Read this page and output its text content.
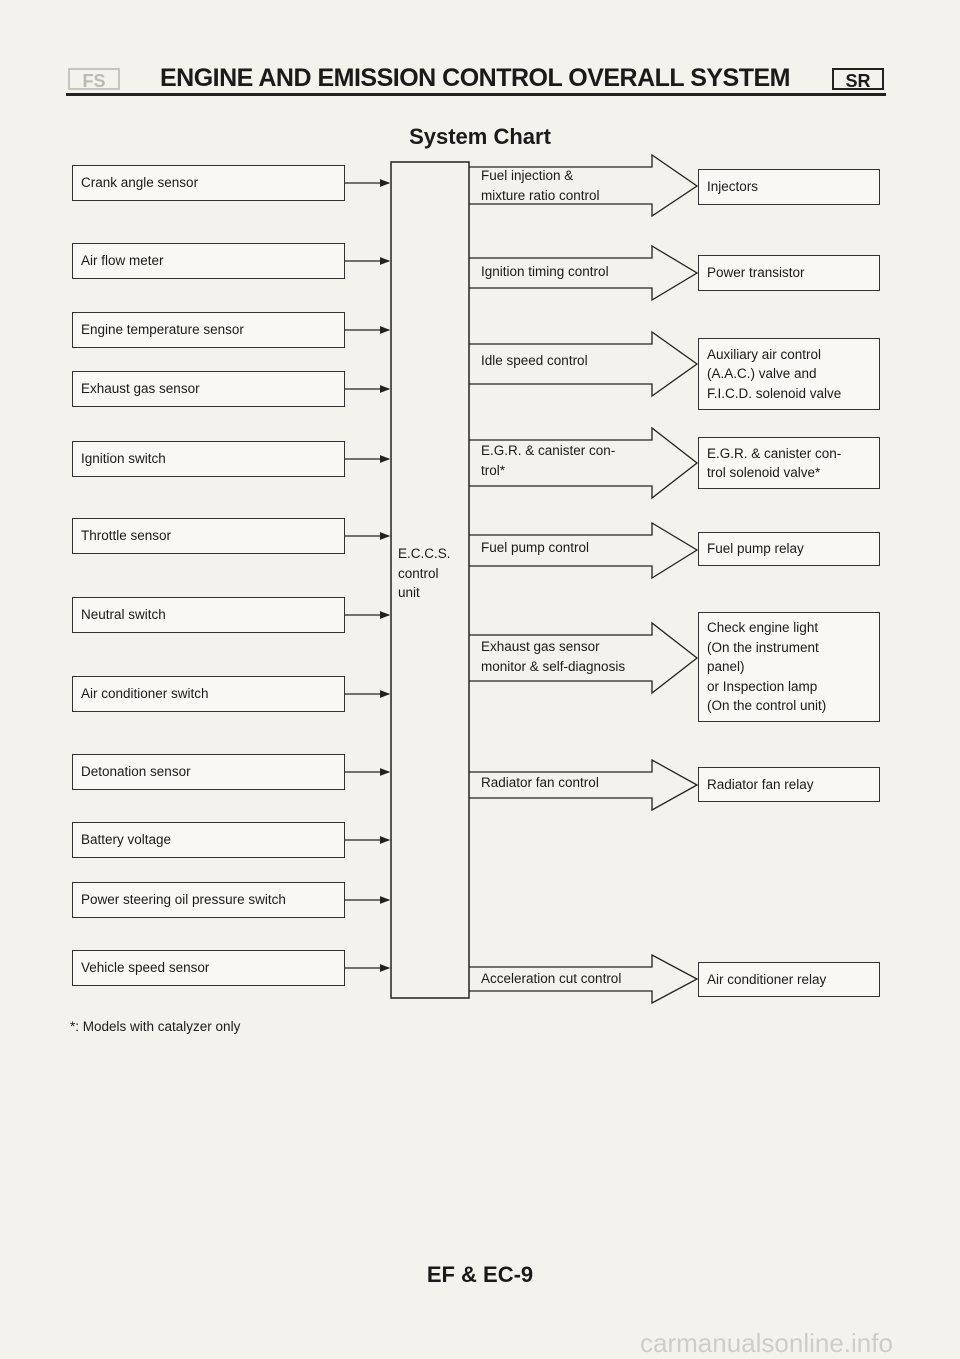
FS	ENGINE AND EMISSION CONTROL OVERALL SYSTEM	SR
System Chart
E.C.C.S.
control
unit
Crank angle sensor
Air flow meter
Engine temperature sensor
Exhaust gas sensor
Ignition switch
Throttle sensor
Neutral switch
Air conditioner switch
Detonation sensor
Battery voltage
Power steering oil pressure switch
Vehicle speed sensor
Fuel injection &
mixture ratio control
Ignition timing control
Idle speed control
E.G.R. & canister con-
trol*
Fuel pump control
Exhaust gas sensor
monitor & self-diagnosis
Radiator fan control
Acceleration cut control
Injectors
Power transistor
Auxiliary air control
(A.A.C.) valve and
F.I.C.D. solenoid valve
E.G.R. & canister con-
trol solenoid valve*
Fuel pump relay
Check engine light
(On the instrument
panel)
or Inspection lamp
(On the control unit)
Radiator fan relay
Air conditioner relay
*: Models with catalyzer only
EF & EC-9
carmanualsonline.info
